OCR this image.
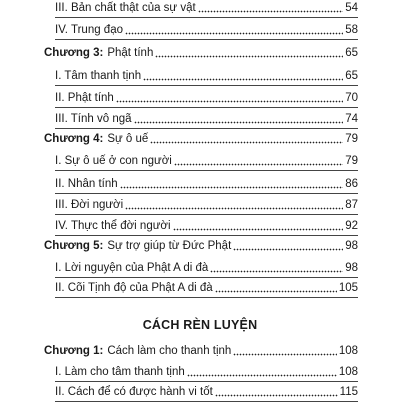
III. Bản chất thật của sự vật	54
IV. Trung đạo	58
Chương 3: Phật tính	65
I. Tâm thanh tịnh	65
II. Phật tính	70
III. Tính vô ngã	74
Chương 4: Sự ô uế	79
I. Sự ô uế ở con người	79
II. Nhân tính	86
III. Đời người	87
IV. Thực thể đời người	92
Chương 5: Sự trợ giúp từ Đức Phật	98
I. Lời nguyện của Phật A di đà	98
II. Cõi Tịnh độ của Phật A di đà	105
CÁCH RÈN LUYỆN
Chương 1: Cách làm cho thanh tịnh	108
I. Làm cho tâm thanh tịnh	108
II. Cách để có được hành vi tốt	115
